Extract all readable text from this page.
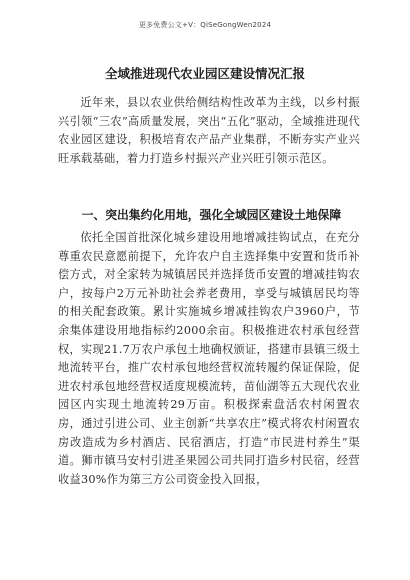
更多免费公文+V：QiSeGongWen2024
全域推进现代农业园区建设情况汇报

近年来，县以农业供给侧结构性改革为主线，以乡村振兴引领“三农”高质量发展，突出“五化”驱动，全域推进现代农业园区建设，积极培育农产品产业集群，不断夯实产业兴旺承载基础，着力打造乡村振兴产业兴旺引领示范区。

一、突出集约化用地，强化全域园区建设土地保障

依托全国首批深化城乡建设用地增减挂钩试点，在充分尊重农民意愿前提下，允许农户自主选择集中安置和货币补偿方式，对全家转为城镇居民并选择货币安置的增减挂钩农户，按每户2万元补助社会养老费用，享受与城镇居民均等的相关配套政策。累计实施城乡增减挂钩农户3960户，节余集体建设用地指标约2000余亩。积极推进农村承包经营权，实现21.7万农户承包土地确权颁证，搭建市县镇三级土地流转平台，推广农村承包地经营权流转履约保证保险，促进农村承包地经营权适度规模流转，苗仙湖等五大现代农业园区内实现土地流转29万亩。积极探索盘活农村闲置农房，通过引进公司、业主创新“共享农庄”模式将农村闲置农房改造成为乡村酒店、民宿酒店，打造“市民进村养生”渠道。狮市镇马安村引进圣果园公司共同打造乡村民宿，经营收益30%作为第三方公司资金投入回报，
